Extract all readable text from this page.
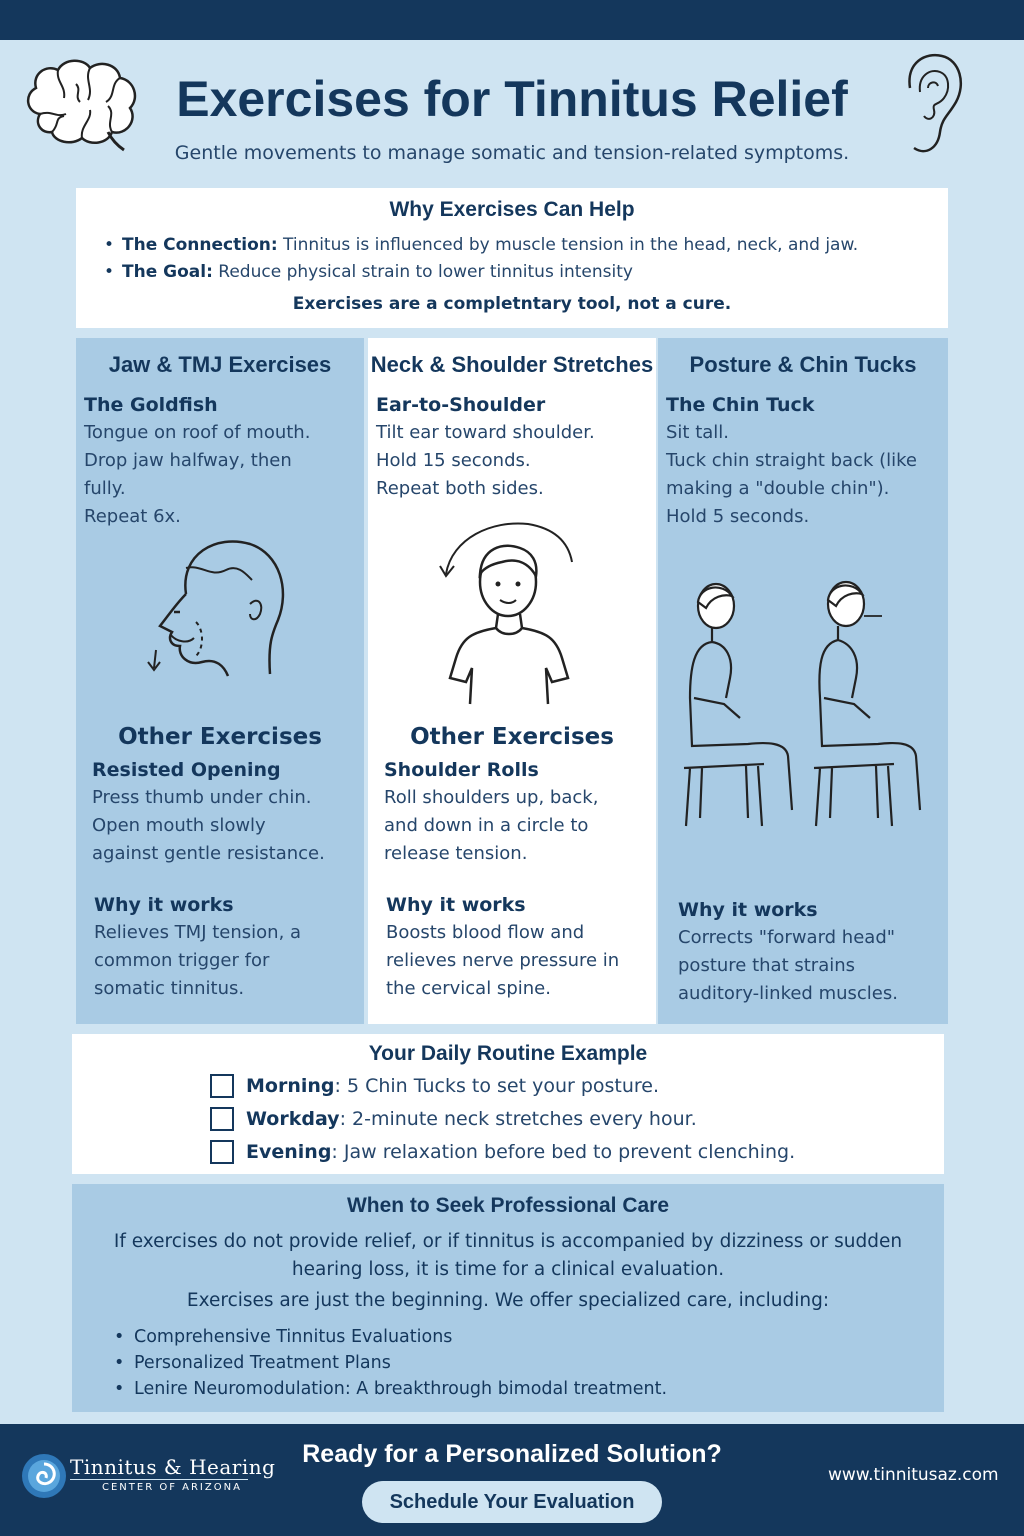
Exercises for Tinnitus Relief
Gentle movements to manage somatic and tension-related symptoms.
Why Exercises Can Help
• The Connection: Tinnitus is influenced by muscle tension in the head, neck, and jaw.
• The Goal: Reduce physical strain to lower tinnitus intensity
Exercises are a completntary tool, not a cure.
Jaw & TMJ Exercises
The Goldfish
Tongue on roof of mouth.
Drop jaw halfway, then
fully.
Repeat 6x.
Other Exercises
Resisted Opening
Press thumb under chin.
Open mouth slowly
against gentle resistance.
Why it works
Relieves TMJ tension, a
common trigger for
somatic tinnitus.
Neck & Shoulder Stretches
Ear-to-Shoulder
Tilt ear toward shoulder.
Hold 15 seconds.
Repeat both sides.
Other Exercises
Shoulder Rolls
Roll shoulders up, back,
and down in a circle to
release tension.
Why it works
Boosts blood flow and
relieves nerve pressure in
the cervical spine.
Posture & Chin Tucks
The Chin Tuck
Sit tall.
Tuck chin straight back (like
making a "double chin").
Hold 5 seconds.
Why it works
Corrects "forward head"
posture that strains
auditory-linked muscles.
Your Daily Routine Example
Morning: 5 Chin Tucks to set your posture.
Workday: 2-minute neck stretches every hour.
Evening: Jaw relaxation before bed to prevent clenching.
When to Seek Professional Care
If exercises do not provide relief, or if tinnitus is accompanied by dizziness or sudden hearing loss, it is time for a clinical evaluation.
Exercises are just the beginning. We offer specialized care, including:
• Comprehensive Tinnitus Evaluations
• Personalized Treatment Plans
• Lenire Neuromodulation: A breakthrough bimodal treatment.
Tinnitus & Hearing
CENTER OF ARIZONA
Ready for a Personalized Solution?
Schedule Your Evaluation
www.tinnitusaz.com
